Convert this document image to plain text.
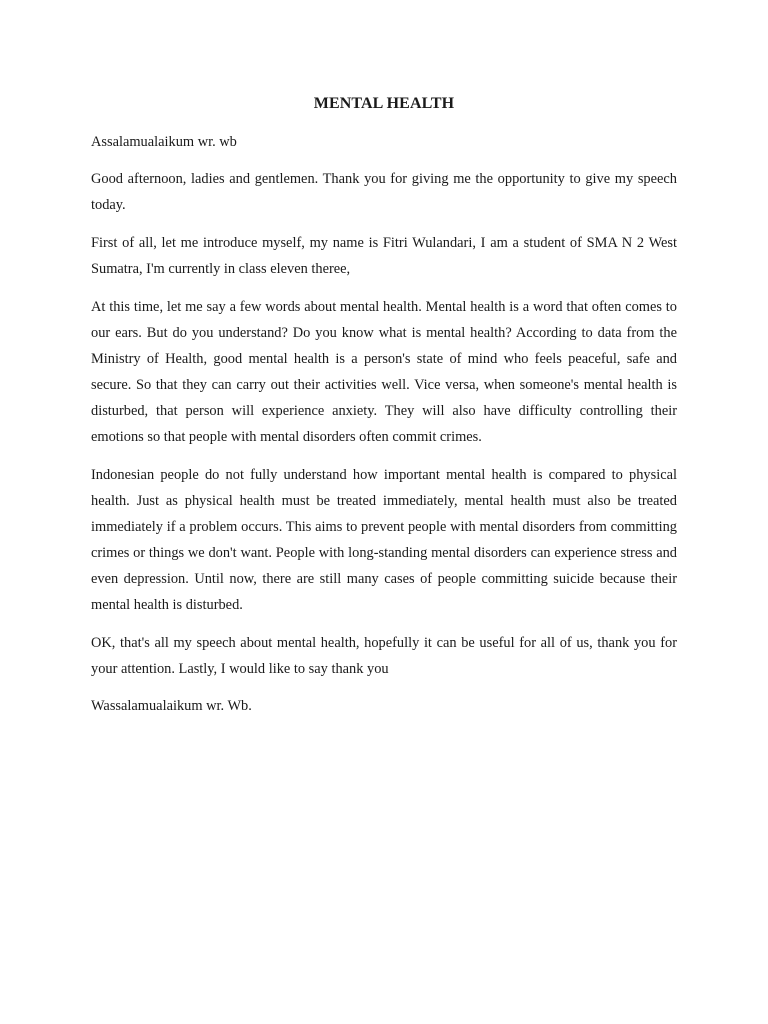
MENTAL HEALTH

Assalamualaikum wr. wb

Good afternoon, ladies and gentlemen. Thank you for giving me the opportunity to give my speech today.

First of all, let me introduce myself, my name is Fitri Wulandari, I am a student of SMA N 2 West Sumatra, I'm currently in class eleven theree,

At this time, let me say a few words about mental health. Mental health is a word that often comes to our ears. But do you understand? Do you know what is mental health? According to data from the Ministry of Health, good mental health is a person's state of mind who feels peaceful, safe and secure. So that they can carry out their activities well. Vice versa, when someone's mental health is disturbed, that person will experience anxiety. They will also have difficulty controlling their emotions so that people with mental disorders often commit crimes.

Indonesian people do not fully understand how important mental health is compared to physical health. Just as physical health must be treated immediately, mental health must also be treated immediately if a problem occurs. This aims to prevent people with mental disorders from committing crimes or things we don't want. People with long-standing mental disorders can experience stress and even depression. Until now, there are still many cases of people committing suicide because their mental health is disturbed.

OK, that's all my speech about mental health, hopefully it can be useful for all of us, thank you for your attention. Lastly, I would like to say thank you

Wassalamualaikum wr. Wb.
